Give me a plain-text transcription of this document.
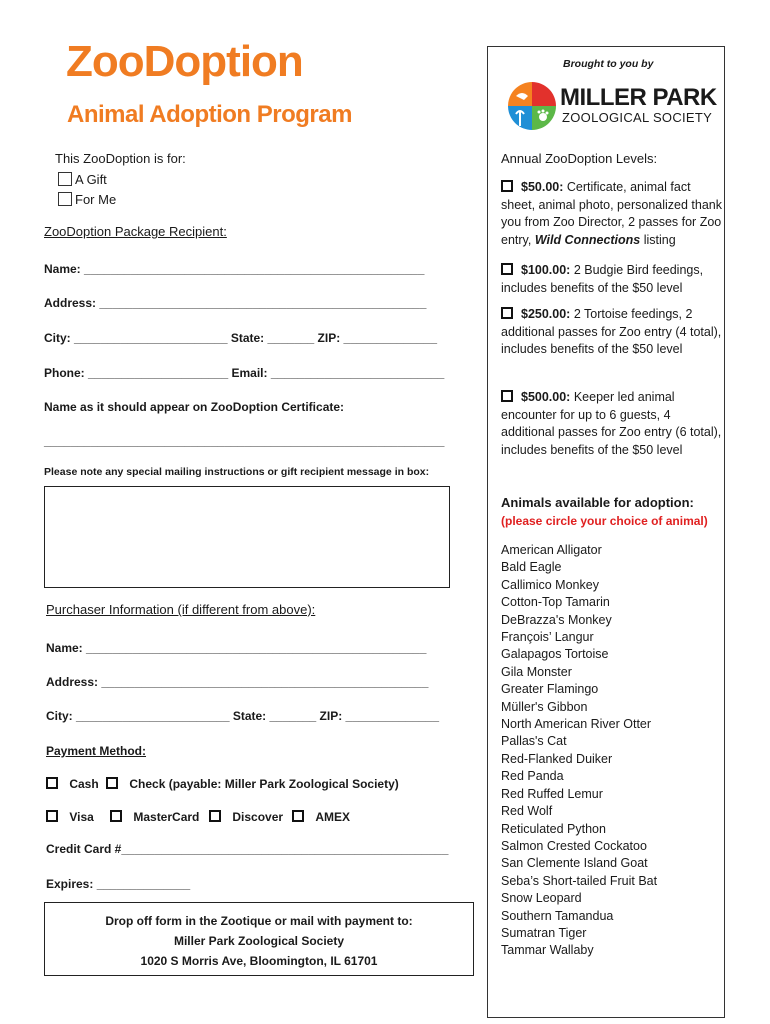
ZooDoption
Animal Adoption Program
This ZooDoption is for:
A Gift
For Me
ZooDoption Package Recipient:
Name: ___________________________________________________
Address: _________________________________________________
City: _______________________ State: _______ ZIP: ______________
Phone: _____________________ Email: __________________________
Name as it should appear on ZooDoption Certificate:
____________________________________________________________
Please note any special mailing instructions or gift recipient message in box:
Purchaser Information (if different from above):
Name: ___________________________________________________
Address: _________________________________________________
City: _______________________ State: _______ ZIP: ______________
Payment Method:
Cash	Check (payable: Miller Park Zoological Society)
Visa	MasterCard	Discover	AMEX
Credit Card #_________________________________________________
Expires: ______________
Drop off form in the Zootique or mail with payment to:
Miller Park Zoological Society
1020 S Morris Ave, Bloomington, IL 61701
Brought to you by
MILLER PARK
ZOOLOGICAL SOCIETY
Annual ZooDoption Levels:
$50.00: Certificate, animal fact sheet, animal photo, personalized thank you from Zoo Director, 2 passes for Zoo entry, Wild Connections listing
$100.00: 2 Budgie Bird feedings, includes benefits of the $50 level
$250.00: 2 Tortoise feedings, 2 additional passes for Zoo entry (4 total), includes benefits of the $50 level
$500.00: Keeper led animal encounter for up to 6 guests, 4 additional passes for Zoo entry (6 total), includes benefits of the $50 level
Animals available for adoption:
(please circle your choice of animal)
American Alligator
Bald Eagle
Callimico Monkey
Cotton-Top Tamarin
DeBrazza's Monkey
François’ Langur
Galapagos Tortoise
Gila Monster
Greater Flamingo
Müller's Gibbon
North American River Otter
Pallas's Cat
Red-Flanked Duiker
Red Panda
Red Ruffed Lemur
Red Wolf
Reticulated Python
Salmon Crested Cockatoo
San Clemente Island Goat
Seba’s Short-tailed Fruit Bat
Snow Leopard
Southern Tamandua
Sumatran Tiger
Tammar Wallaby
